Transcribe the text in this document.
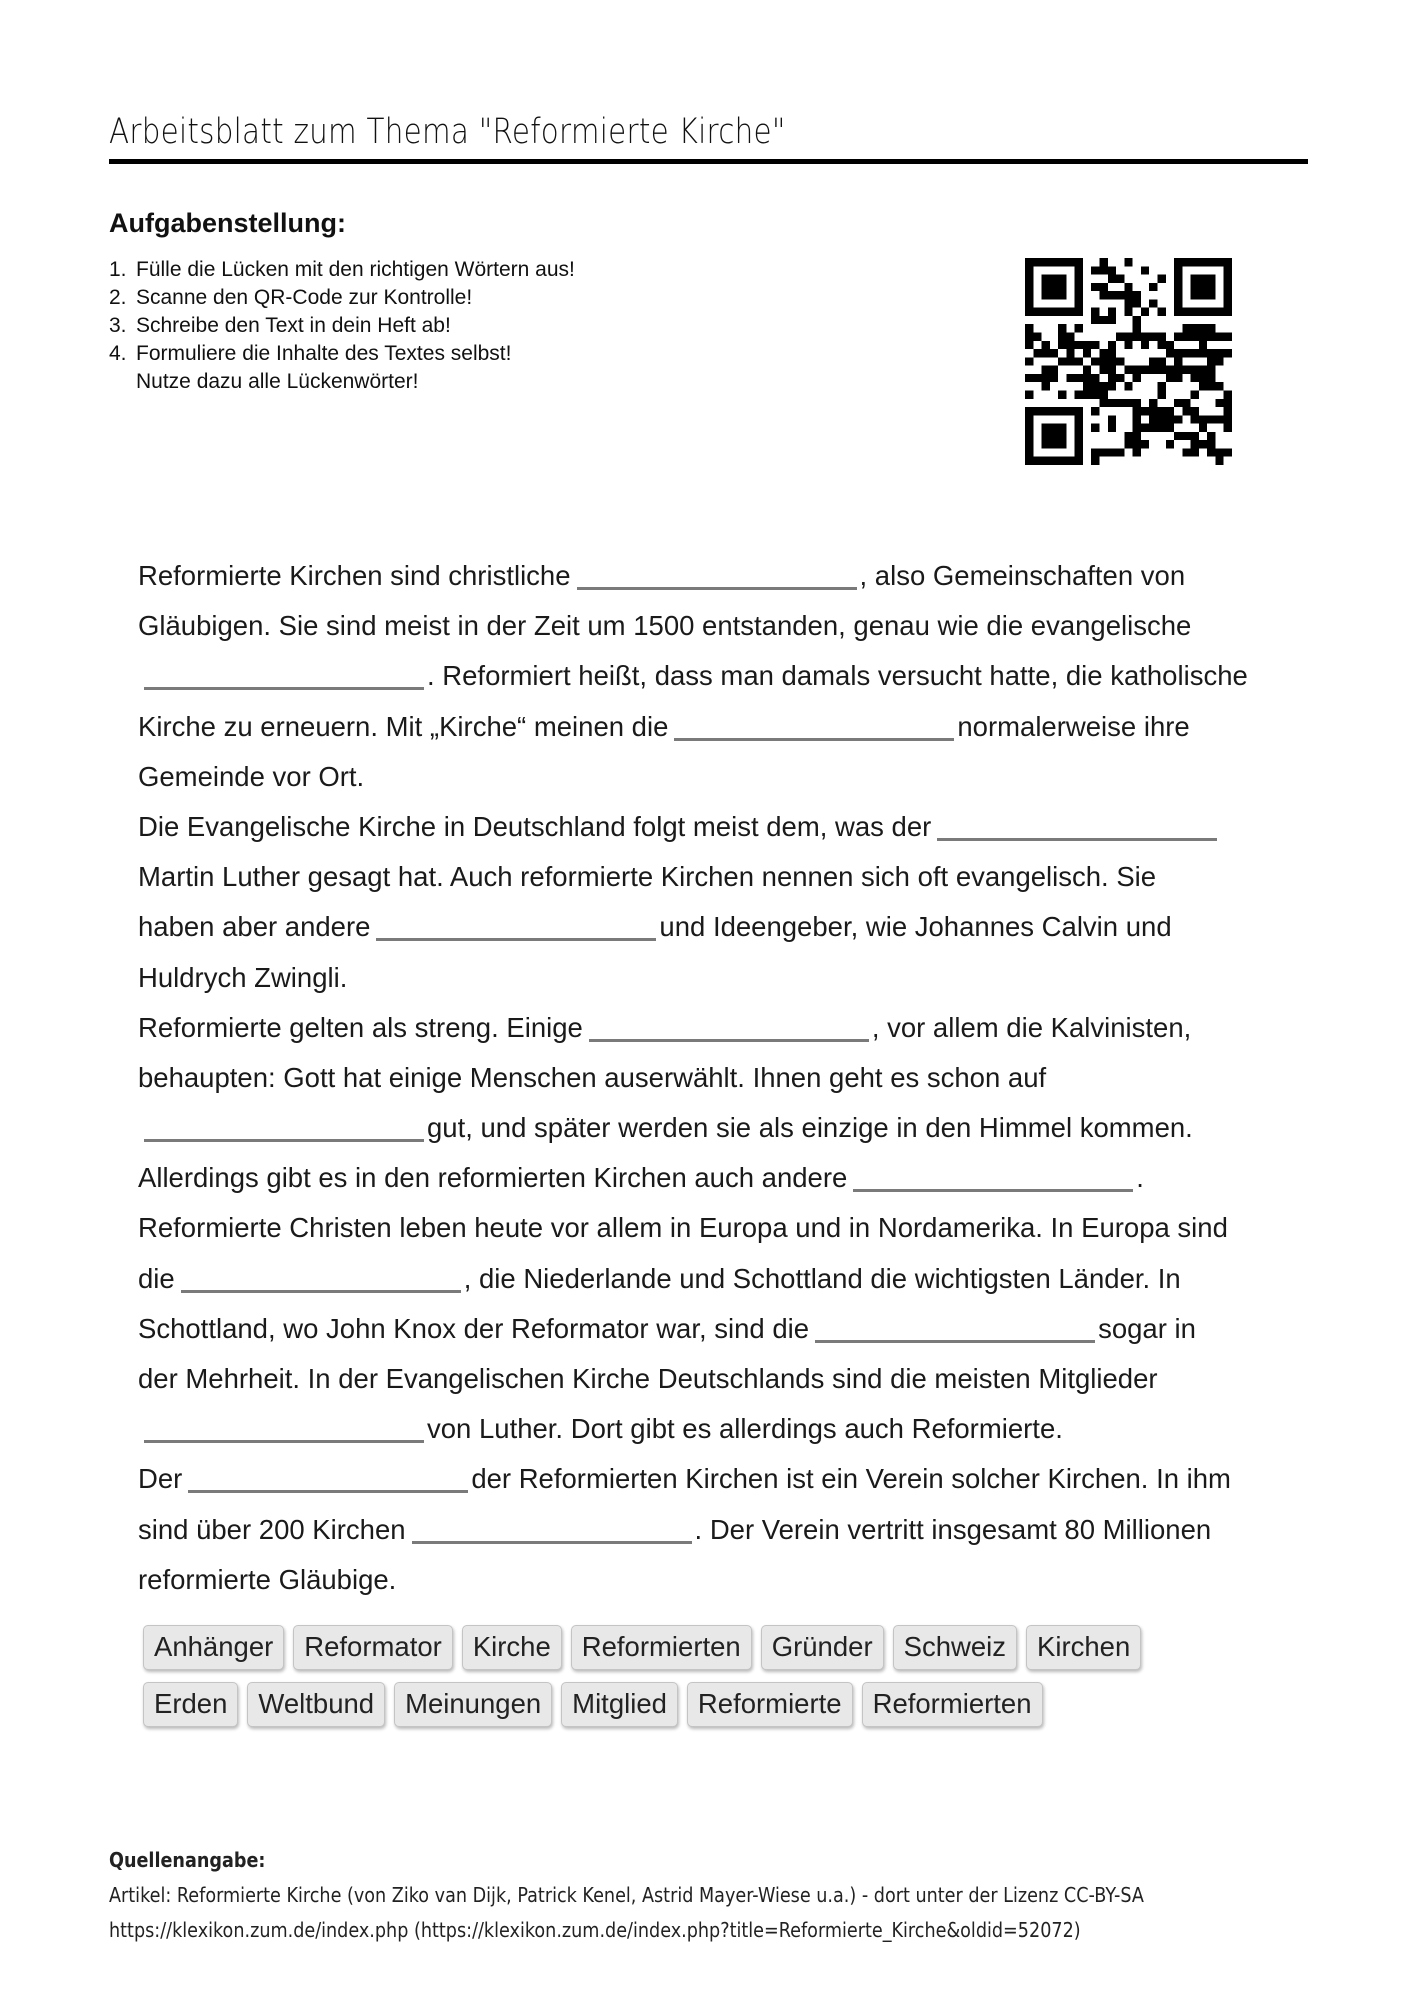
Arbeitsblatt zum Thema "Reformierte Kirche"
Aufgabenstellung:
1. Fülle die Lücken mit den richtigen Wörtern aus!
2. Scanne den QR-Code zur Kontrolle!
3. Schreibe den Text in dein Heft ab!
4. Formuliere die Inhalte des Textes selbst!
Nutze dazu alle Lückenwörter!
Reformierte Kirchen sind christliche	, also Gemeinschaften von
Gläubigen. Sie sind meist in der Zeit um 1500 entstanden, genau wie die evangelische
. Reformiert heißt, dass man damals versucht hatte, die katholische
Kirche zu erneuern. Mit „Kirche“ meinen die	normalerweise ihre
Gemeinde vor Ort.
Die Evangelische Kirche in Deutschland folgt meist dem, was der
Martin Luther gesagt hat. Auch reformierte Kirchen nennen sich oft evangelisch. Sie
haben aber andere	und Ideengeber, wie Johannes Calvin und
Huldrych Zwingli.
Reformierte gelten als streng. Einige	, vor allem die Kalvinisten,
behaupten: Gott hat einige Menschen auserwählt. Ihnen geht es schon auf
gut, und später werden sie als einzige in den Himmel kommen.
Allerdings gibt es in den reformierten Kirchen auch andere	.
Reformierte Christen leben heute vor allem in Europa und in Nordamerika. In Europa sind
die	, die Niederlande und Schottland die wichtigsten Länder. In
Schottland, wo John Knox der Reformator war, sind die	sogar in
der Mehrheit. In der Evangelischen Kirche Deutschlands sind die meisten Mitglieder
von Luther. Dort gibt es allerdings auch Reformierte.
Der	der Reformierten Kirchen ist ein Verein solcher Kirchen. In ihm
sind über 200 Kirchen	. Der Verein vertritt insgesamt 80 Millionen
reformierte Gläubige.
Anhänger Reformator Kirche Reformierten Gründer Schweiz Kirchen
Erden Weltbund Meinungen Mitglied Reformierte Reformierten
Quellenangabe:
Artikel: Reformierte Kirche (von Ziko van Dijk, Patrick Kenel, Astrid Mayer-Wiese u.a.) - dort unter der Lizenz CC-BY-SA
https://klexikon.zum.de/index.php (https://klexikon.zum.de/index.php?title=Reformierte_Kirche&oldid=52072)
